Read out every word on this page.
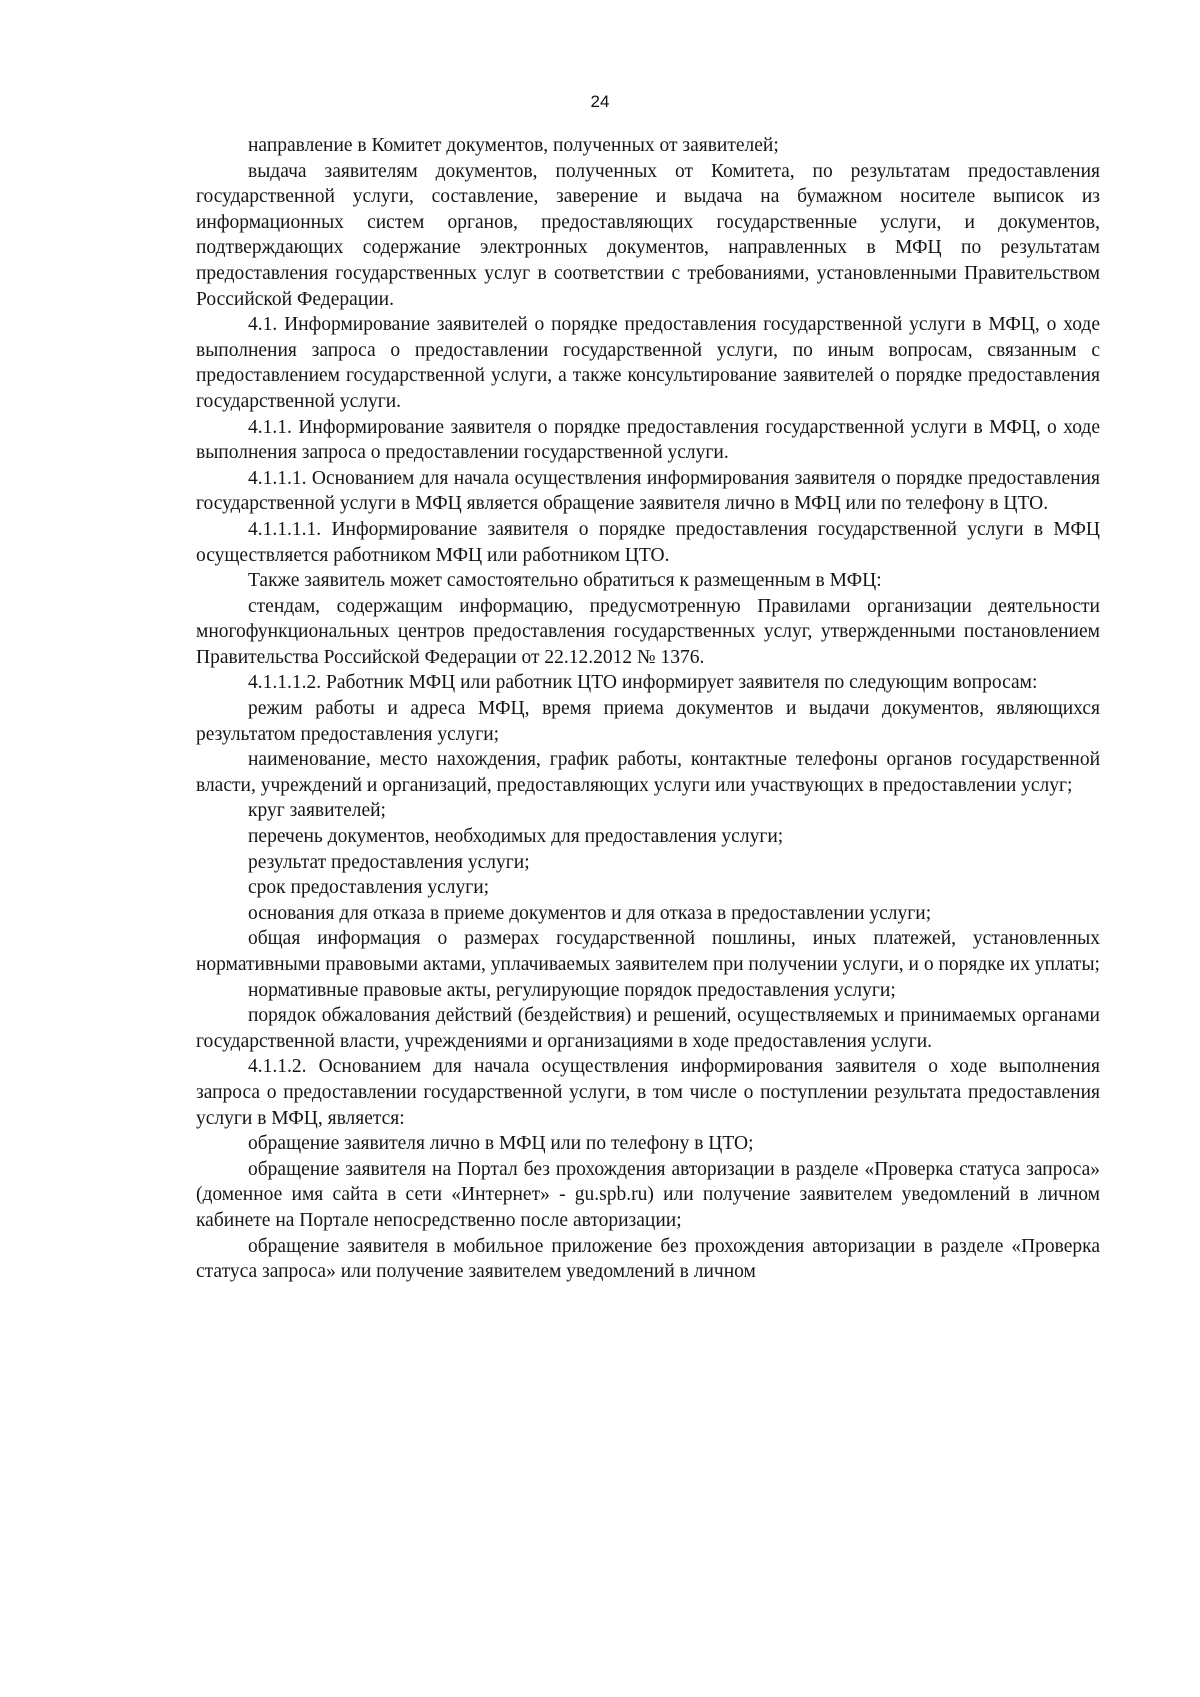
24

направление в Комитет документов, полученных от заявителей;

выдача заявителям документов, полученных от Комитета, по результатам предоставления государственной услуги, составление, заверение и выдача на бумажном носителе выписок из информационных систем органов, предоставляющих государственные услуги, и документов, подтверждающих содержание электронных документов, направленных в МФЦ по результатам предоставления государственных услуг в соответствии с требованиями, установленными Правительством Российской Федерации.

4.1. Информирование заявителей о порядке предоставления государственной услуги в МФЦ, о ходе выполнения запроса о предоставлении государственной услуги, по иным вопросам, связанным с предоставлением государственной услуги, а также консультирование заявителей о порядке предоставления государственной услуги.

4.1.1. Информирование заявителя о порядке предоставления государственной услуги в МФЦ, о ходе выполнения запроса о предоставлении государственной услуги.

4.1.1.1. Основанием для начала осуществления информирования заявителя о порядке предоставления государственной услуги в МФЦ является обращение заявителя лично в МФЦ или по телефону в ЦТО.

4.1.1.1.1. Информирование заявителя о порядке предоставления государственной услуги в МФЦ осуществляется работником МФЦ или работником ЦТО.

Также заявитель может самостоятельно обратиться к размещенным в МФЦ:

стендам, содержащим информацию, предусмотренную Правилами организации деятельности многофункциональных центров предоставления государственных услуг, утвержденными постановлением Правительства Российской Федерации от 22.12.2012 № 1376.

4.1.1.1.2. Работник МФЦ или работник ЦТО информирует заявителя по следующим вопросам:

режим работы и адреса МФЦ, время приема документов и выдачи документов, являющихся результатом предоставления услуги;

наименование, место нахождения, график работы, контактные телефоны органов государственной власти, учреждений и организаций, предоставляющих услуги или участвующих в предоставлении услуг;

круг заявителей;

перечень документов, необходимых для предоставления услуги;

результат предоставления услуги;

срок предоставления услуги;

основания для отказа в приеме документов и для отказа в предоставлении услуги;

общая информация о размерах государственной пошлины, иных платежей, установленных нормативными правовыми актами, уплачиваемых заявителем при получении услуги, и о порядке их уплаты;

нормативные правовые акты, регулирующие порядок предоставления услуги;

порядок обжалования действий (бездействия) и решений, осуществляемых и принимаемых органами государственной власти, учреждениями и организациями в ходе предоставления услуги.

4.1.1.2. Основанием для начала осуществления информирования заявителя о ходе выполнения запроса о предоставлении государственной услуги, в том числе о поступлении результата предоставления услуги в МФЦ, является:

обращение заявителя лично в МФЦ или по телефону в ЦТО;

обращение заявителя на Портал без прохождения авторизации в разделе «Проверка статуса запроса» (доменное имя сайта в сети «Интернет» - gu.spb.ru) или получение заявителем уведомлений в личном кабинете на Портале непосредственно после авторизации;

обращение заявителя в мобильное приложение без прохождения авторизации в разделе «Проверка статуса запроса» или получение заявителем уведомлений в личном
